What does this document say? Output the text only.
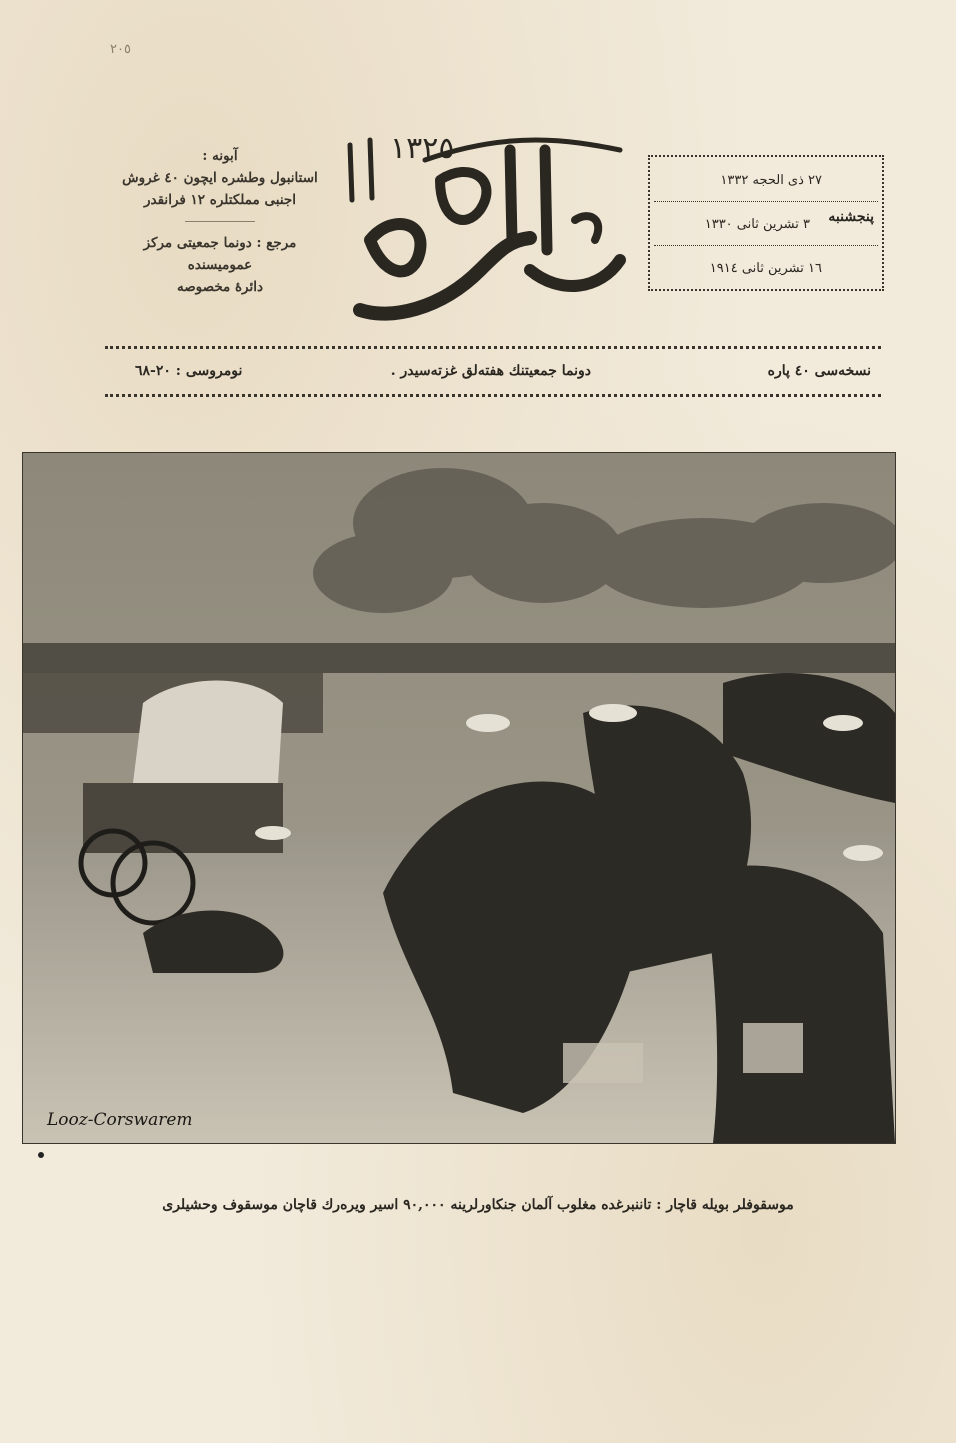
٢٠٥
آبونه :
استانبول وطشره ايچون ٤٠ غروش
اجنبی مملکتلره ١٢ فرانقدر
مرجع : دونما جمعیتی مرکز عمومیسنده
دائرهٔ مخصوصه
١٣٢٥
پنجشنبه
٢٧ ذی الحجه ١٣٣٢
٣ تشرين ثانی ١٣٣٠
١٦ تشرين ثانی ١٩١٤
نسخه‌سی ٤٠ پاره
دونما جمعیتنك هفته‌لق غزته‌سیدر .
نومروسی : ٢٠-٦٨
Looz-Corswarem
موسقوفلر بویله قاچار : تاننبرغده مغلوب آلمان جنكاورلرینه ٩٠,٠٠٠ اسیر ویره‌رك قاچان موسقوف وحشیلری
